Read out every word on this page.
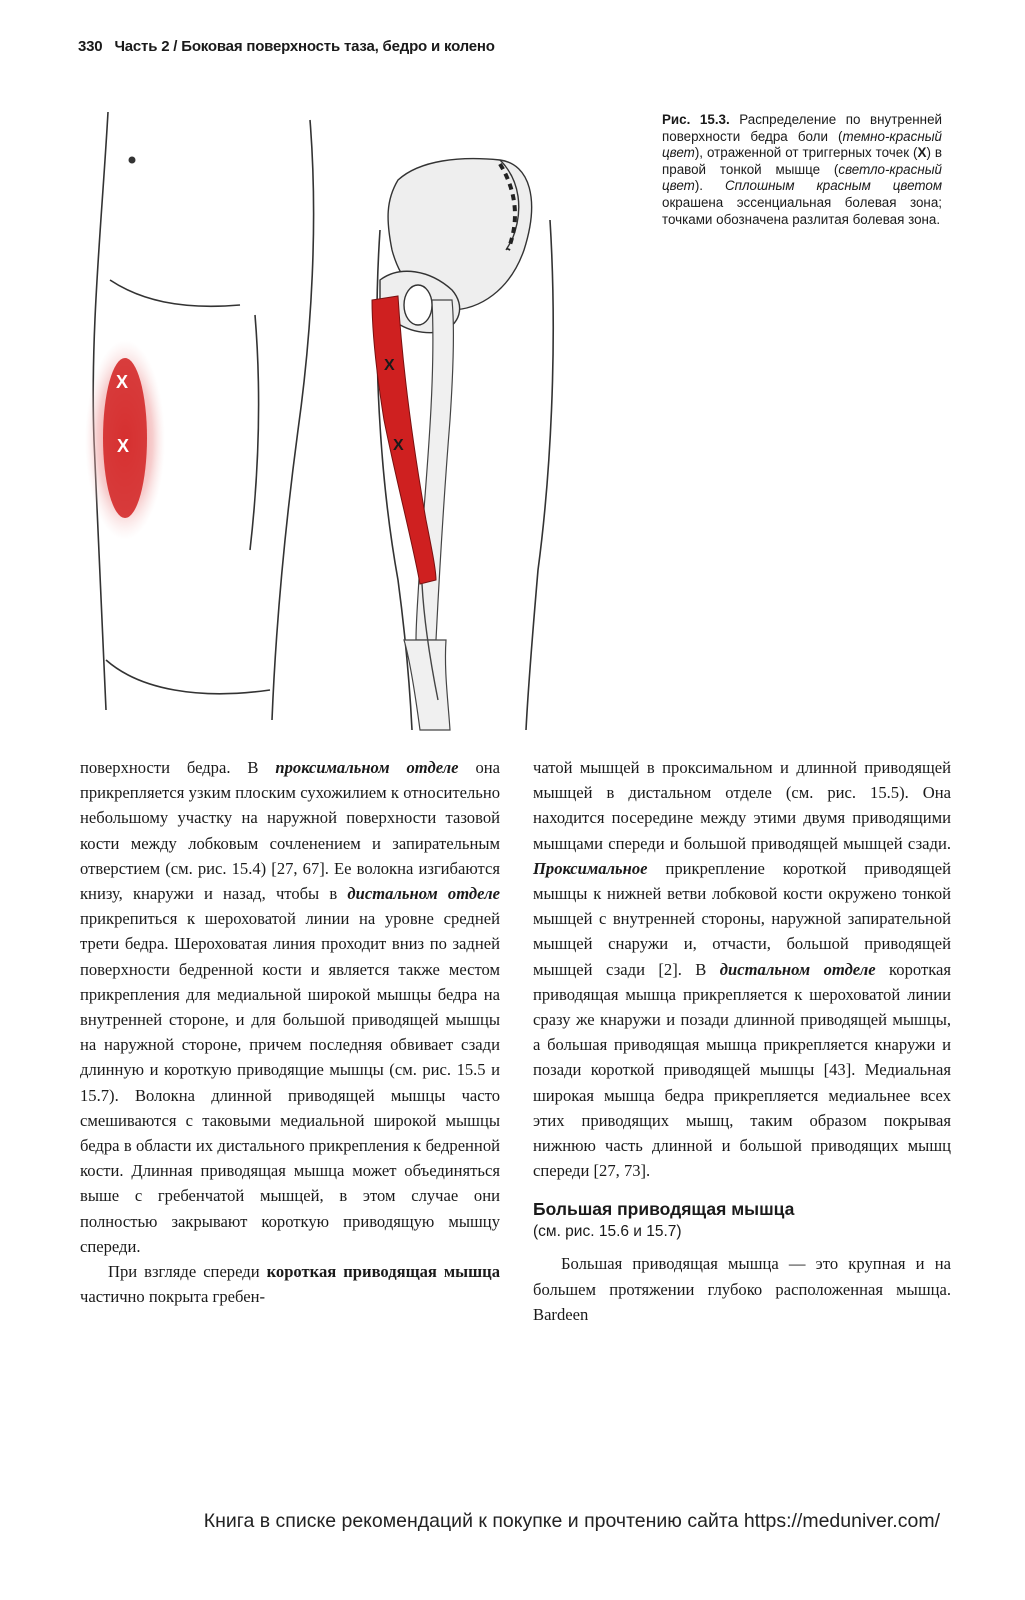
330 Часть 2 / Боковая поверхность таза, бедро и колено
X
X
X
X
Рис. 15.3. Распределение по внутренней поверхности бедра боли (темно-красный цвет), отраженной от триггерных точек (X) в правой тонкой мышце (светло-красный цвет). Сплошным красным цветом окрашена эссенциальная болевая зона; точками обозначена разлитая болевая зона.

поверхности бедра. В проксимальном отделе она прикрепляется узким плоским сухожилием к относительно небольшому участку на наружной поверхности тазовой кости между лобковым сочленением и запирательным отверстием (см. рис. 15.4) [27, 67]. Ее волокна изгибаются книзу, кнаружи и назад, чтобы в дистальном отделе прикрепиться к шероховатой линии на уровне средней трети бедра. Шероховатая линия проходит вниз по задней поверхности бедренной кости и является также местом прикрепления для медиальной широкой мышцы бедра на внутренней стороне, и для большой приводящей мышцы на наружной стороне, причем последняя обвивает сзади длинную и короткую приводящие мышцы (см. рис. 15.5 и 15.7). Волокна длинной приводящей мышцы часто смешиваются с таковыми медиальной широкой мышцы бедра в области их дистального прикрепления к бедренной кости. Длинная приводящая мышца может объединяться выше с гребенчатой мышцей, в этом случае они полностью закрывают короткую приводящую мышцу спереди.

При взгляде спереди короткая приводящая мышца частично покрыта гребен-

чатой мышцей в проксимальном и длинной приводящей мышцей в дистальном отделе (см. рис. 15.5). Она находится посередине между этими двумя приводящими мышцами спереди и большой приводящей мышцей сзади. Проксимальное прикрепление короткой приводящей мышцы к нижней ветви лобковой кости окружено тонкой мышцей с внутренней стороны, наружной запирательной мышцей снаружи и, отчасти, большой приводящей мышцей сзади [2]. В дистальном отделе короткая приводящая мышца прикрепляется к шероховатой линии сразу же кнаружи и позади длинной приводящей мышцы, а большая приводящая мышца прикрепляется кнаружи и позади короткой приводящей мышцы [43]. Медиальная широкая мышца бедра прикрепляется медиальнее всех этих приводящих мышц, таким образом покрывая нижнюю часть длинной и большой приводящих мышц спереди [27, 73].

Большая приводящая мышца
(см. рис. 15.6 и 15.7)

Большая приводящая мышца — это крупная и на большем протяжении глубоко расположенная мышца. Bardeen

Книга в списке рекомендаций к покупке и прочтению сайта https://meduniver.com/
